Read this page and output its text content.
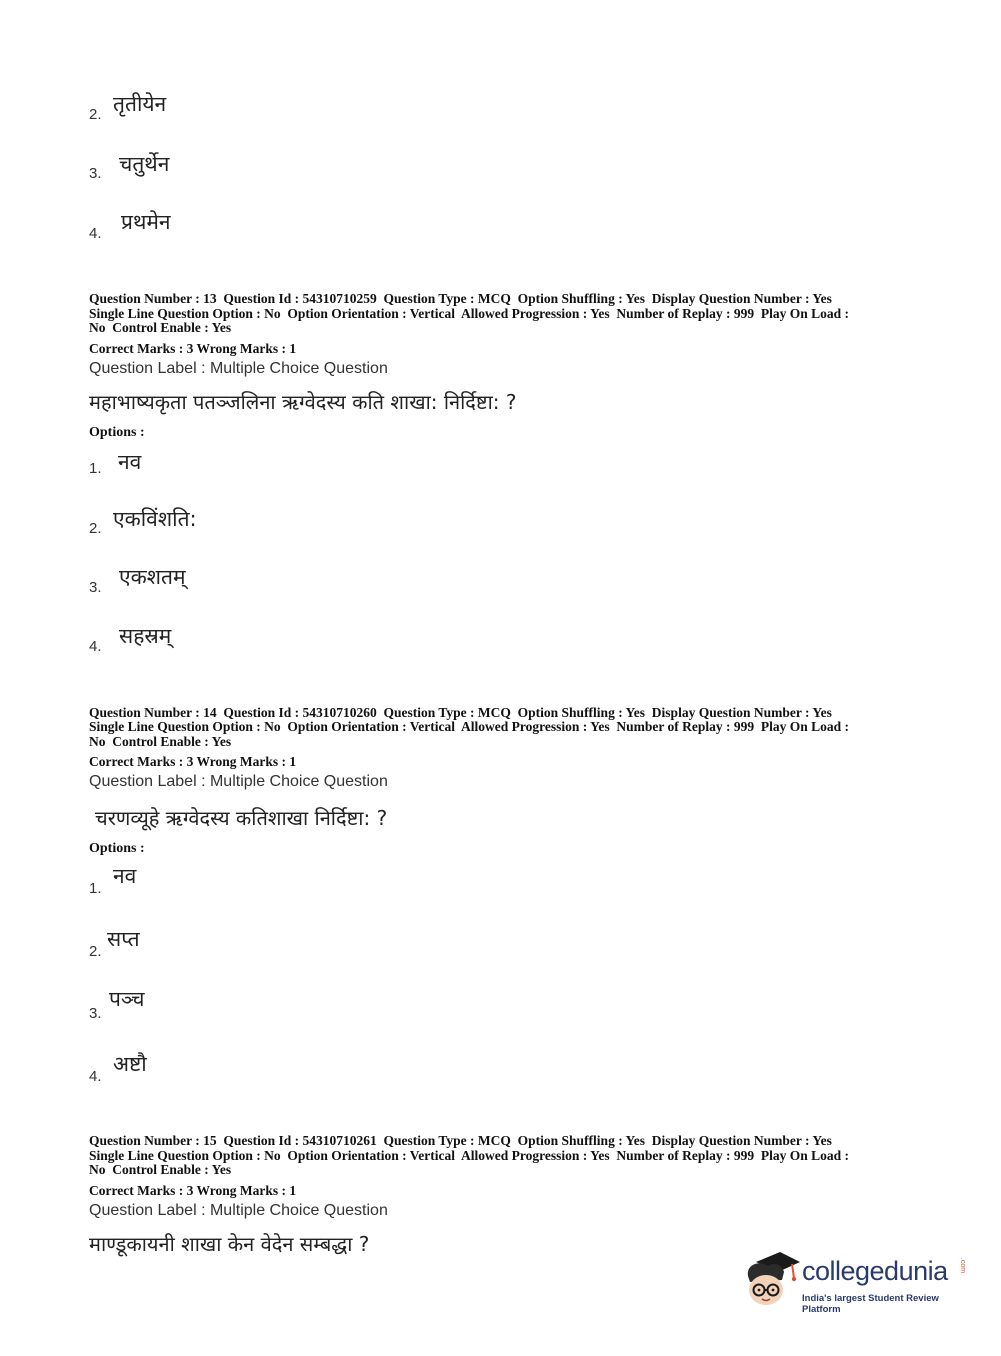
2. तृतीयेन
3. चतुर्थेन
4. प्रथमेन
Question Number : 13  Question Id : 54310710259  Question Type : MCQ  Option Shuffling : Yes  Display Question Number : Yes
Single Line Question Option : No  Option Orientation : Vertical  Allowed Progression : Yes  Number of Replay : 999  Play On Load :
No  Control Enable : Yes
Correct Marks : 3 Wrong Marks : 1
Question Label : Multiple Choice Question
महाभाष्यकृता पतञ्जलिना ऋग्वेदस्य कति शाखा: निर्दिष्टा: ?
Options :
1. नव
2. एकविंशति:
3. एकशतम्
4. सहस्रम्
Question Number : 14  Question Id : 54310710260  Question Type : MCQ  Option Shuffling : Yes  Display Question Number : Yes
Single Line Question Option : No  Option Orientation : Vertical  Allowed Progression : Yes  Number of Replay : 999  Play On Load :
No  Control Enable : Yes
Correct Marks : 3 Wrong Marks : 1
Question Label : Multiple Choice Question
चरणव्यूहे ऋग्वेदस्य कतिशाखा निर्दिष्टा: ?
Options :
1.
नव
2.
सप्त
3.
पञ्च
4.
अष्टौ
Question Number : 15  Question Id : 54310710261  Question Type : MCQ  Option Shuffling : Yes  Display Question Number : Yes
Single Line Question Option : No  Option Orientation : Vertical  Allowed Progression : Yes  Number of Replay : 999  Play On Load :
No  Control Enable : Yes
Correct Marks : 3 Wrong Marks : 1
Question Label : Multiple Choice Question
माण्डूकायनी शाखा केन वेदेन सम्बद्धा ?
collegedunia .com
India's largest Student Review Platform
